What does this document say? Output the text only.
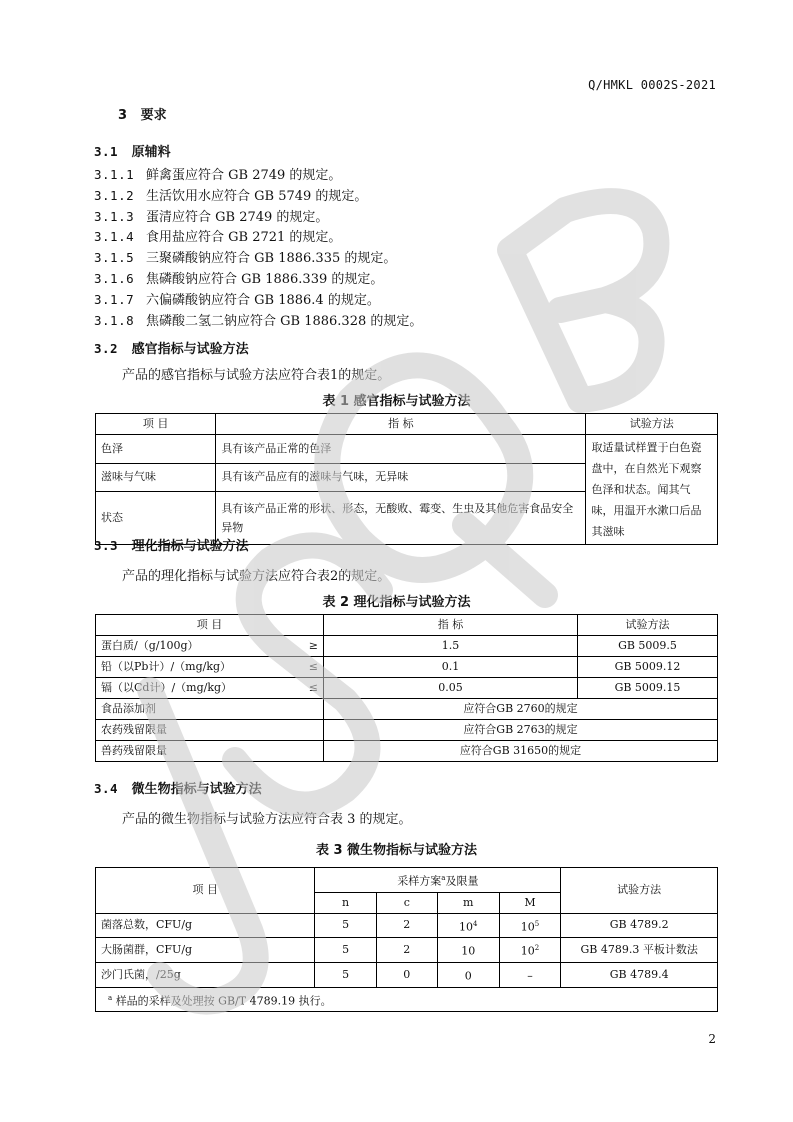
Q/HMKL 0002S-2021
3 要求
3.1 原辅料
3.1.1 鲜禽蛋应符合 GB 2749 的规定。
3.1.2 生活饮用水应符合 GB 5749 的规定。
3.1.3 蛋清应符合 GB 2749 的规定。
3.1.4 食用盐应符合 GB 2721 的规定。
3.1.5 三聚磷酸钠应符合 GB 1886.335 的规定。
3.1.6 焦磷酸钠应符合 GB 1886.339 的规定。
3.1.7 六偏磷酸钠应符合 GB 1886.4 的规定。
3.1.8 焦磷酸二氢二钠应符合 GB 1886.328 的规定。
3.2 感官指标与试验方法
产品的感官指标与试验方法应符合表1的规定。
表 1 感官指标与试验方法
项 目	指 标	试验方法
色泽	具有该产品正常的色泽	取适量试样置于白色瓷盘中，在自然光下观察色泽和状态。闻其气味，用温开水漱口后品其滋味
滋味与气味	具有该产品应有的滋味与气味，无异味	
状态	具有该产品正常的形状、形态，无酸败、霉变、生虫及其他危害食品安全异物	
3.3 理化指标与试验方法
产品的理化指标与试验方法应符合表2的规定。
表 2 理化指标与试验方法
项 目		指 标	试验方法
蛋白质/（g/100g）	≥	1.5	GB 5009.5
铅（以Pb计）/（mg/kg）	≤	0.1	GB 5009.12
镉（以Cd计）/（mg/kg）	≤	0.05	GB 5009.15
食品添加剂		应符合GB 2760的规定	
农药残留限量		应符合GB 2763的规定	
兽药残留限量		应符合GB 31650的规定	
3.4 微生物指标与试验方法
产品的微生物指标与试验方法应符合表 3 的规定。
表 3 微生物指标与试验方法
项 目	采样方案$^a$及限量				试验方法
	n	c	m	M	
菌落总数，CFU/g	5	2	$10^4$	$10^5$	GB 4789.2
大肠菌群，CFU/g	5	2	10	$10^2$	GB 4789.3 平板计数法
沙门氏菌，/25g	5	0	0	–	GB 4789.4
$^a$ 样品的采样及处理按 GB/T 4789.19 执行。					
2
